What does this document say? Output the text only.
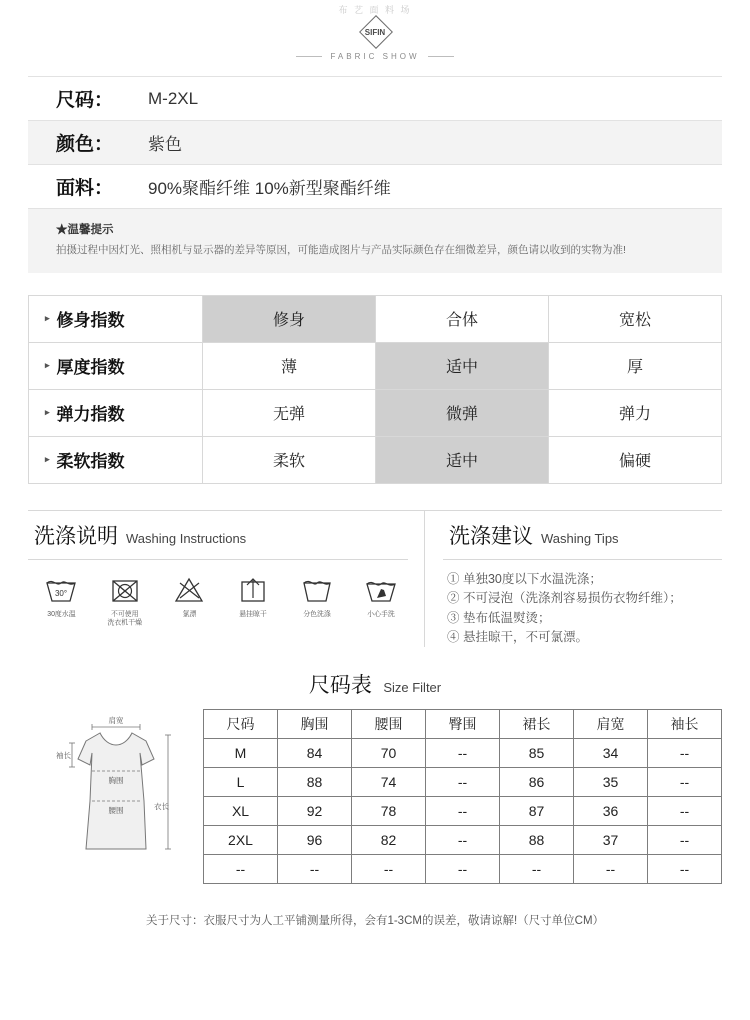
布 艺 面 料 场
SIFIN
FABRIC SHOW
尺码：	M-2XL
颜色：	紫色
面料：	90%聚酯纤维 10%新型聚酯纤维
★温馨提示
拍摄过程中因灯光、照相机与显示器的差异等原因，可能造成图片与产品实际颜色存在细微差异，颜色请以收到的实物为准!
▸ 修身指数	修身	合体	宽松
▸ 厚度指数	薄	适中	厚
▸ 弹力指数	无弹	微弹	弹力
▸ 柔软指数	柔软	适中	偏硬
洗涤说明 Washing Instructions
30°
30度水温	不可使用
洗衣机干燥
氯漂	悬挂晾干	分色洗涤	小心手洗
洗涤建议 Washing Tips
① 单独30度以下水温洗涤；
② 不可浸泡（洗涤剂容易损伤衣物纤维）；
③ 垫布低温熨烫；
④ 悬挂晾干，不可氯漂。
尺码表 Size Filter
肩宽
袖长
胸围
腰围	衣长
尺码	胸围	腰围	臀围	裙长	肩宽	袖长
M	84	70	--	85	34	--
L	88	74	--	86	35	--
XL	92	78	--	87	36	--
2XL	96	82	--	88	37	--
--	--	--	--	--	--	--
关于尺寸：衣服尺寸为人工平铺测量所得，会有1-3CM的误差，敬请谅解!（尺寸单位CM）
